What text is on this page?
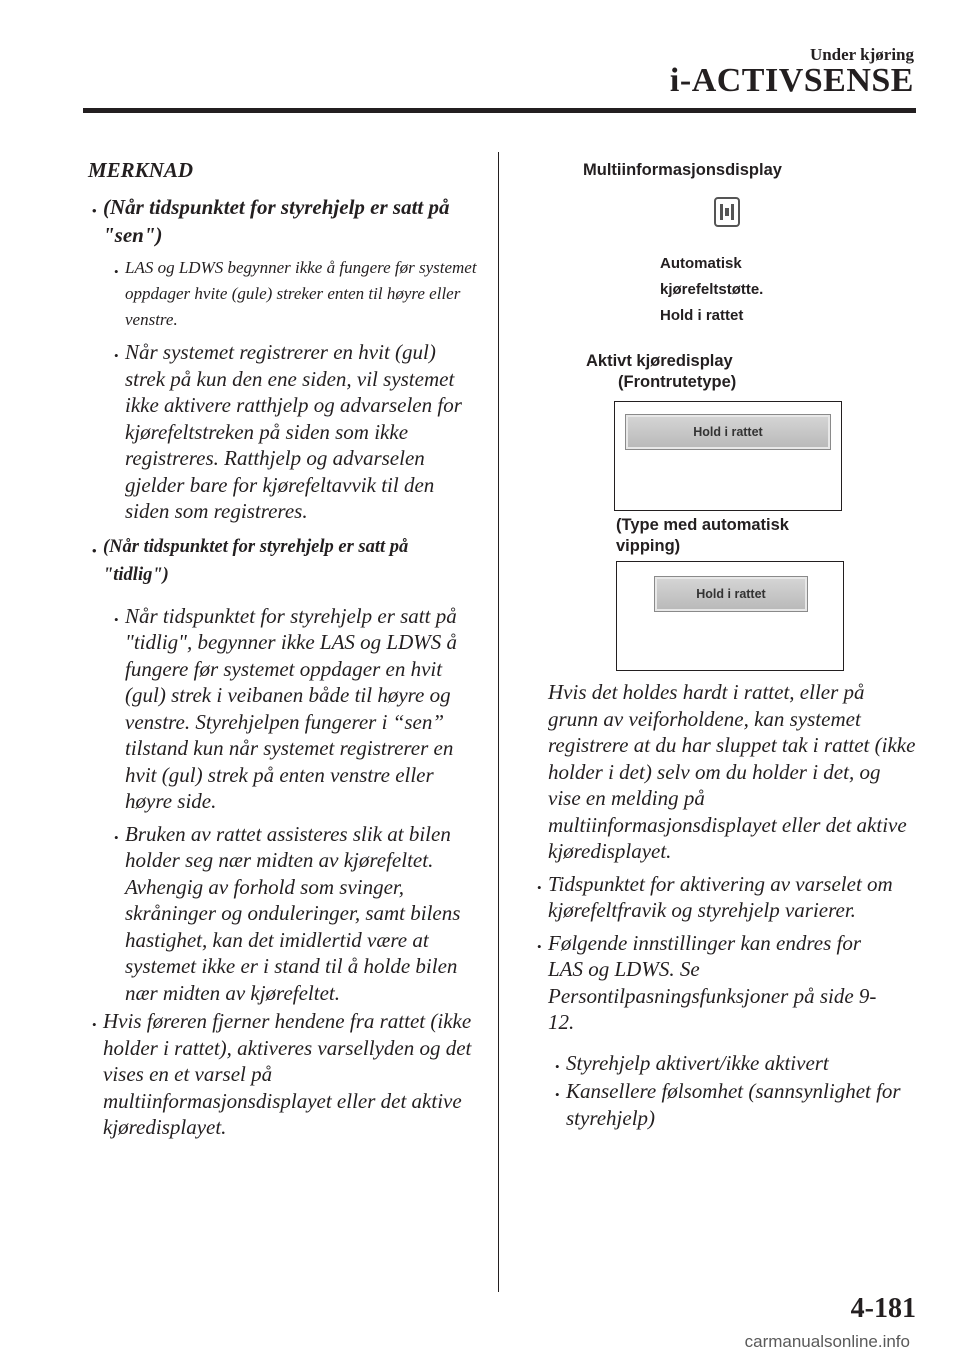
Under kjøring
i-ACTIVSENSE
MERKNAD
• (Når tidspunktet for styrehjelp er satt på "sen")
• LAS og LDWS begynner ikke å fungere før systemet oppdager hvite (gule) streker enten til høyre eller venstre.
• Når systemet registrerer en hvit (gul) strek på kun den ene siden, vil systemet ikke aktivere ratthjelp og advarselen for kjørefeltstreken på siden som ikke registreres. Ratthjelp og advarselen gjelder bare for kjørefeltavvik til den siden som registreres.
• (Når tidspunktet for styrehjelp er satt på "tidlig")
• Når tidspunktet for styrehjelp er satt på "tidlig", begynner ikke LAS og LDWS å fungere før systemet oppdager en hvit (gul) strek i veibanen både til høyre og venstre. Styrehjelpen fungerer i “sen” tilstand kun når systemet registrerer en hvit (gul) strek på enten venstre eller høyre side.
• Bruken av rattet assisteres slik at bilen holder seg nær midten av kjørefeltet. Avhengig av forhold som svinger, skråninger og onduleringer, samt bilens hastighet, kan det imidlertid være at systemet ikke er i stand til å holde bilen nær midten av kjørefeltet.
• Hvis føreren fjerner hendene fra rattet (ikke holder i rattet), aktiveres varsellyden og det vises en et varsel på multiinformasjonsdisplayet eller det aktive kjøredisplayet.
Multiinformasjonsdisplay
Automatisk
kjørefeltstøtte.
Hold i rattet
Aktivt kjøredisplay
(Frontrutetype)
Hold i rattet
(Type med automatisk vipping)
Hold i rattet
Hvis det holdes hardt i rattet, eller på grunn av veiforholdene, kan systemet registrere at du har sluppet tak i rattet (ikke holder i det) selv om du holder i det, og vise en melding på multiinformasjonsdisplayet eller det aktive kjøredisplayet.
• Tidspunktet for aktivering av varselet om kjørefeltfravik og styrehjelp varierer.
• Følgende innstillinger kan endres for LAS og LDWS. Se Persontilpasningsfunksjoner på side 9-12.
• Styrehjelp aktivert/ikke aktivert
• Kansellere følsomhet (sannsynlighet for styrehjelp)
4-181
carmanualsonline.info
